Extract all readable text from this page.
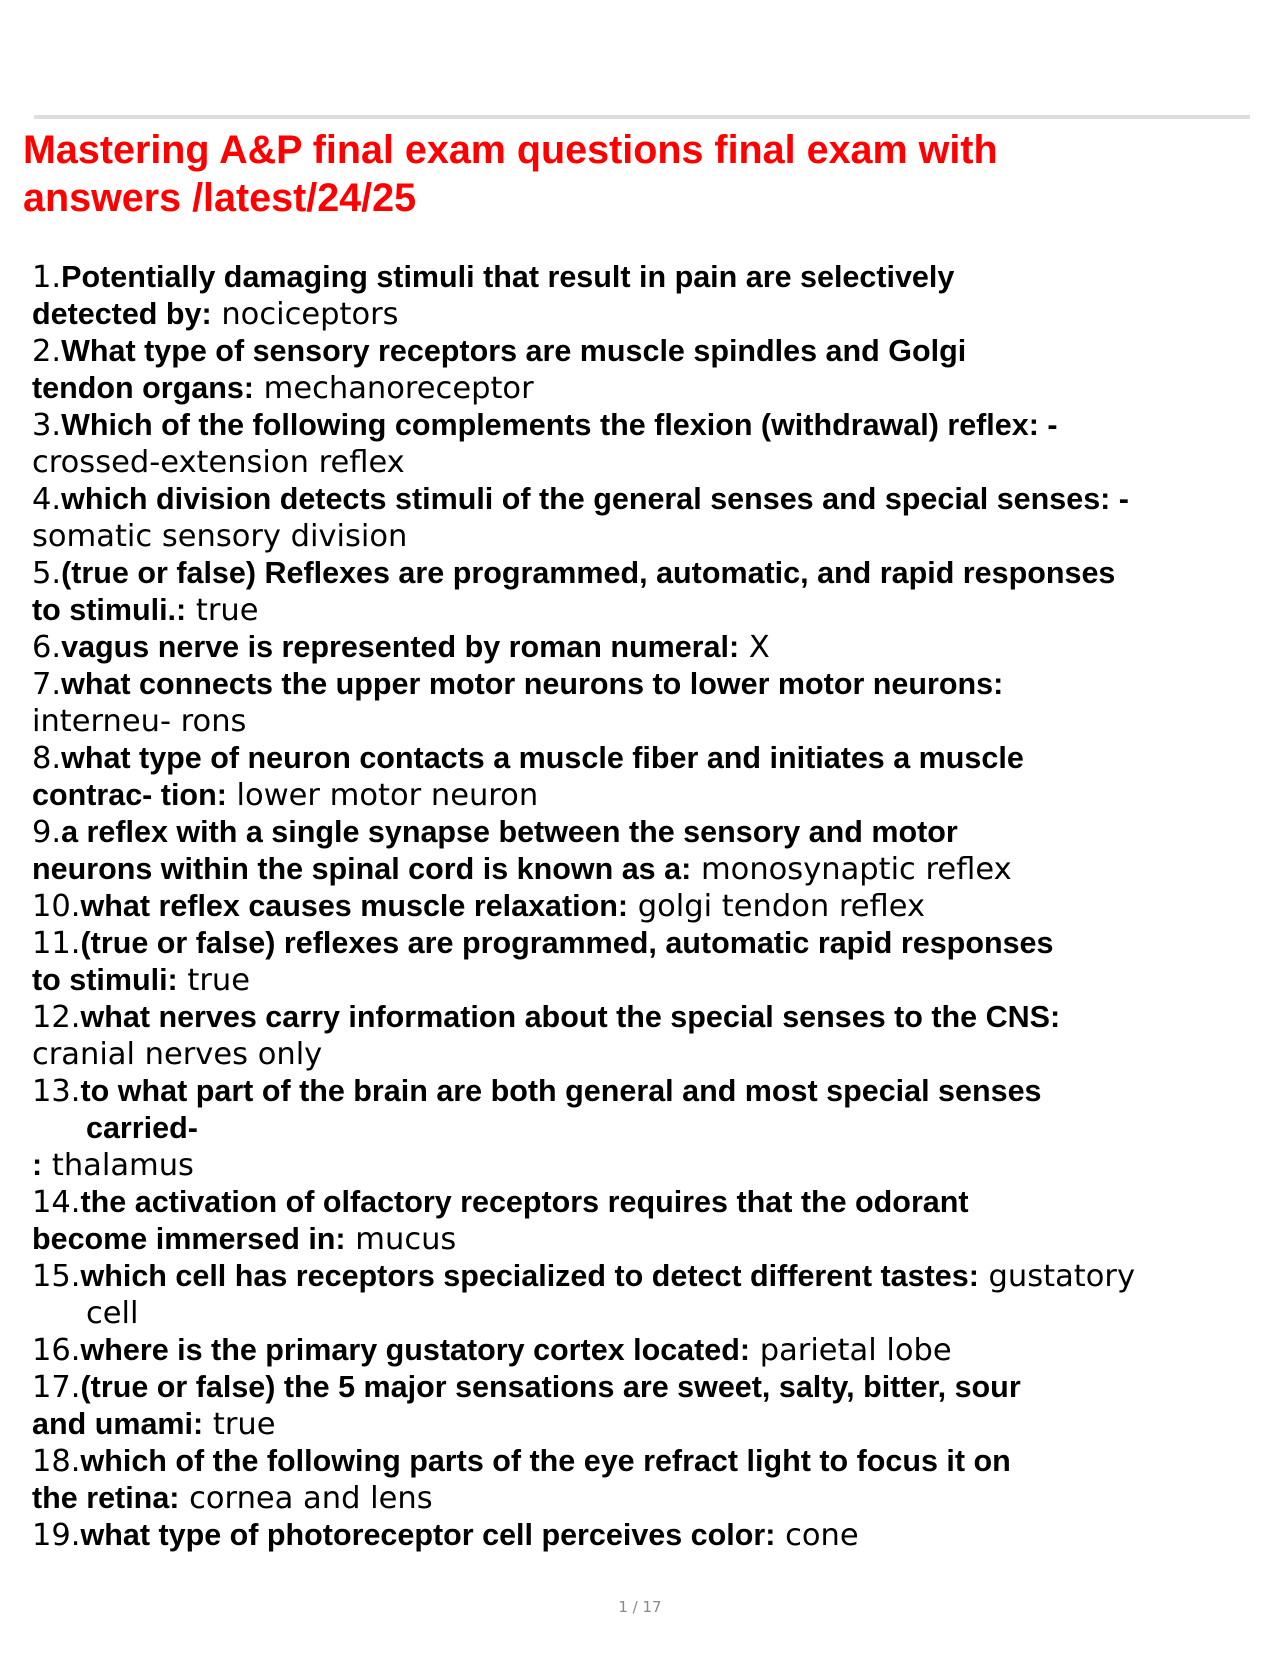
Mastering A&P final exam questions final exam with
answers /latest/24/25
1.Potentially damaging stimuli that result in pain are selectively
detected by: nociceptors
2.What type of sensory receptors are muscle spindles and Golgi
tendon organs: mechanoreceptor
3.Which of the following complements the flexion (withdrawal) reflex: -
crossed-extension reflex
4.which division detects stimuli of the general senses and special senses: -
somatic sensory division
5.(true or false) Reflexes are programmed, automatic, and rapid responses
to stimuli.: true
6.vagus nerve is represented by roman numeral: X
7.what connects the upper motor neurons to lower motor neurons:
interneu- rons
8.what type of neuron contacts a muscle fiber and initiates a muscle
contrac- tion: lower motor neuron
9.a reflex with a single synapse between the sensory and motor
neurons within the spinal cord is known as a: monosynaptic reflex
10.what reflex causes muscle relaxation: golgi tendon reflex
11.(true or false) reflexes are programmed, automatic rapid responses
to stimuli: true
12.what nerves carry information about the special senses to the CNS:
cranial nerves only
13.to what part of the brain are both general and most special senses
carried-
: thalamus
14.the activation of olfactory receptors requires that the odorant
become immersed in: mucus
15.which cell has receptors specialized to detect different tastes: gustatory
cell
16.where is the primary gustatory cortex located: parietal lobe
17.(true or false) the 5 major sensations are sweet, salty, bitter, sour
and umami: true
18.which of the following parts of the eye refract light to focus it on
the retina: cornea and lens
19.what type of photoreceptor cell perceives color: cone
1 / 17
